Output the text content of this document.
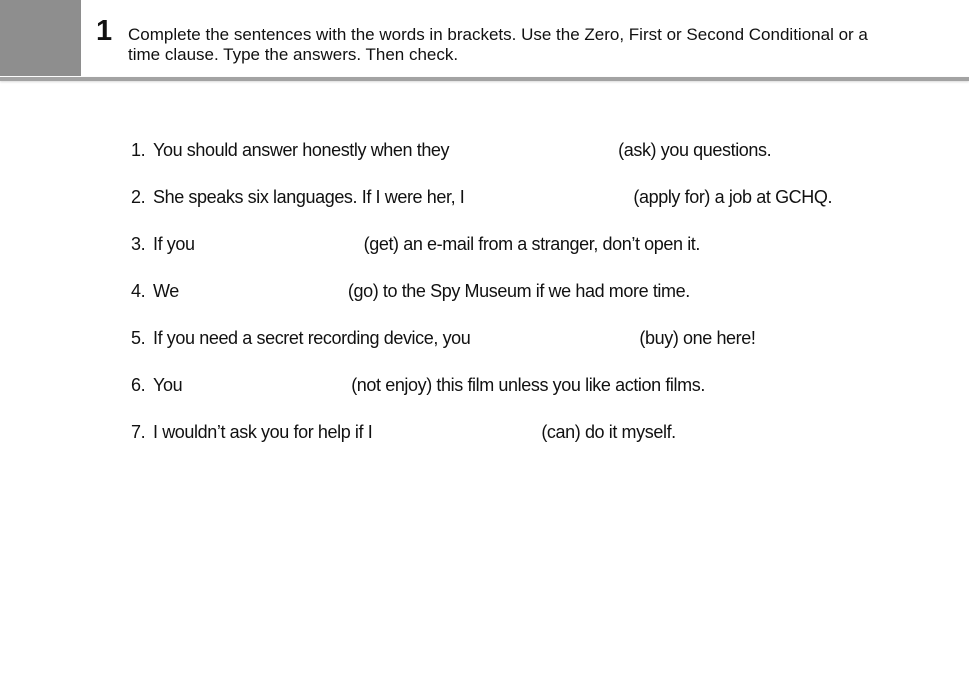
1 Complete the sentences with the words in brackets. Use the Zero, First or Second Conditional or a
time clause. Type the answers. Then check.
1. You should answer honestly when they	(ask) you questions.
2. She speaks six languages. If I were her, I	(apply for) a job at GCHQ.
3. If you	(get) an e-mail from a stranger, don’t open it.
4. We	(go) to the Spy Museum if we had more time.
5. If you need a secret recording device, you	(buy) one here!
6. You	(not enjoy) this film unless you like action films.
7. I wouldn’t ask you for help if I	(can) do it myself.
